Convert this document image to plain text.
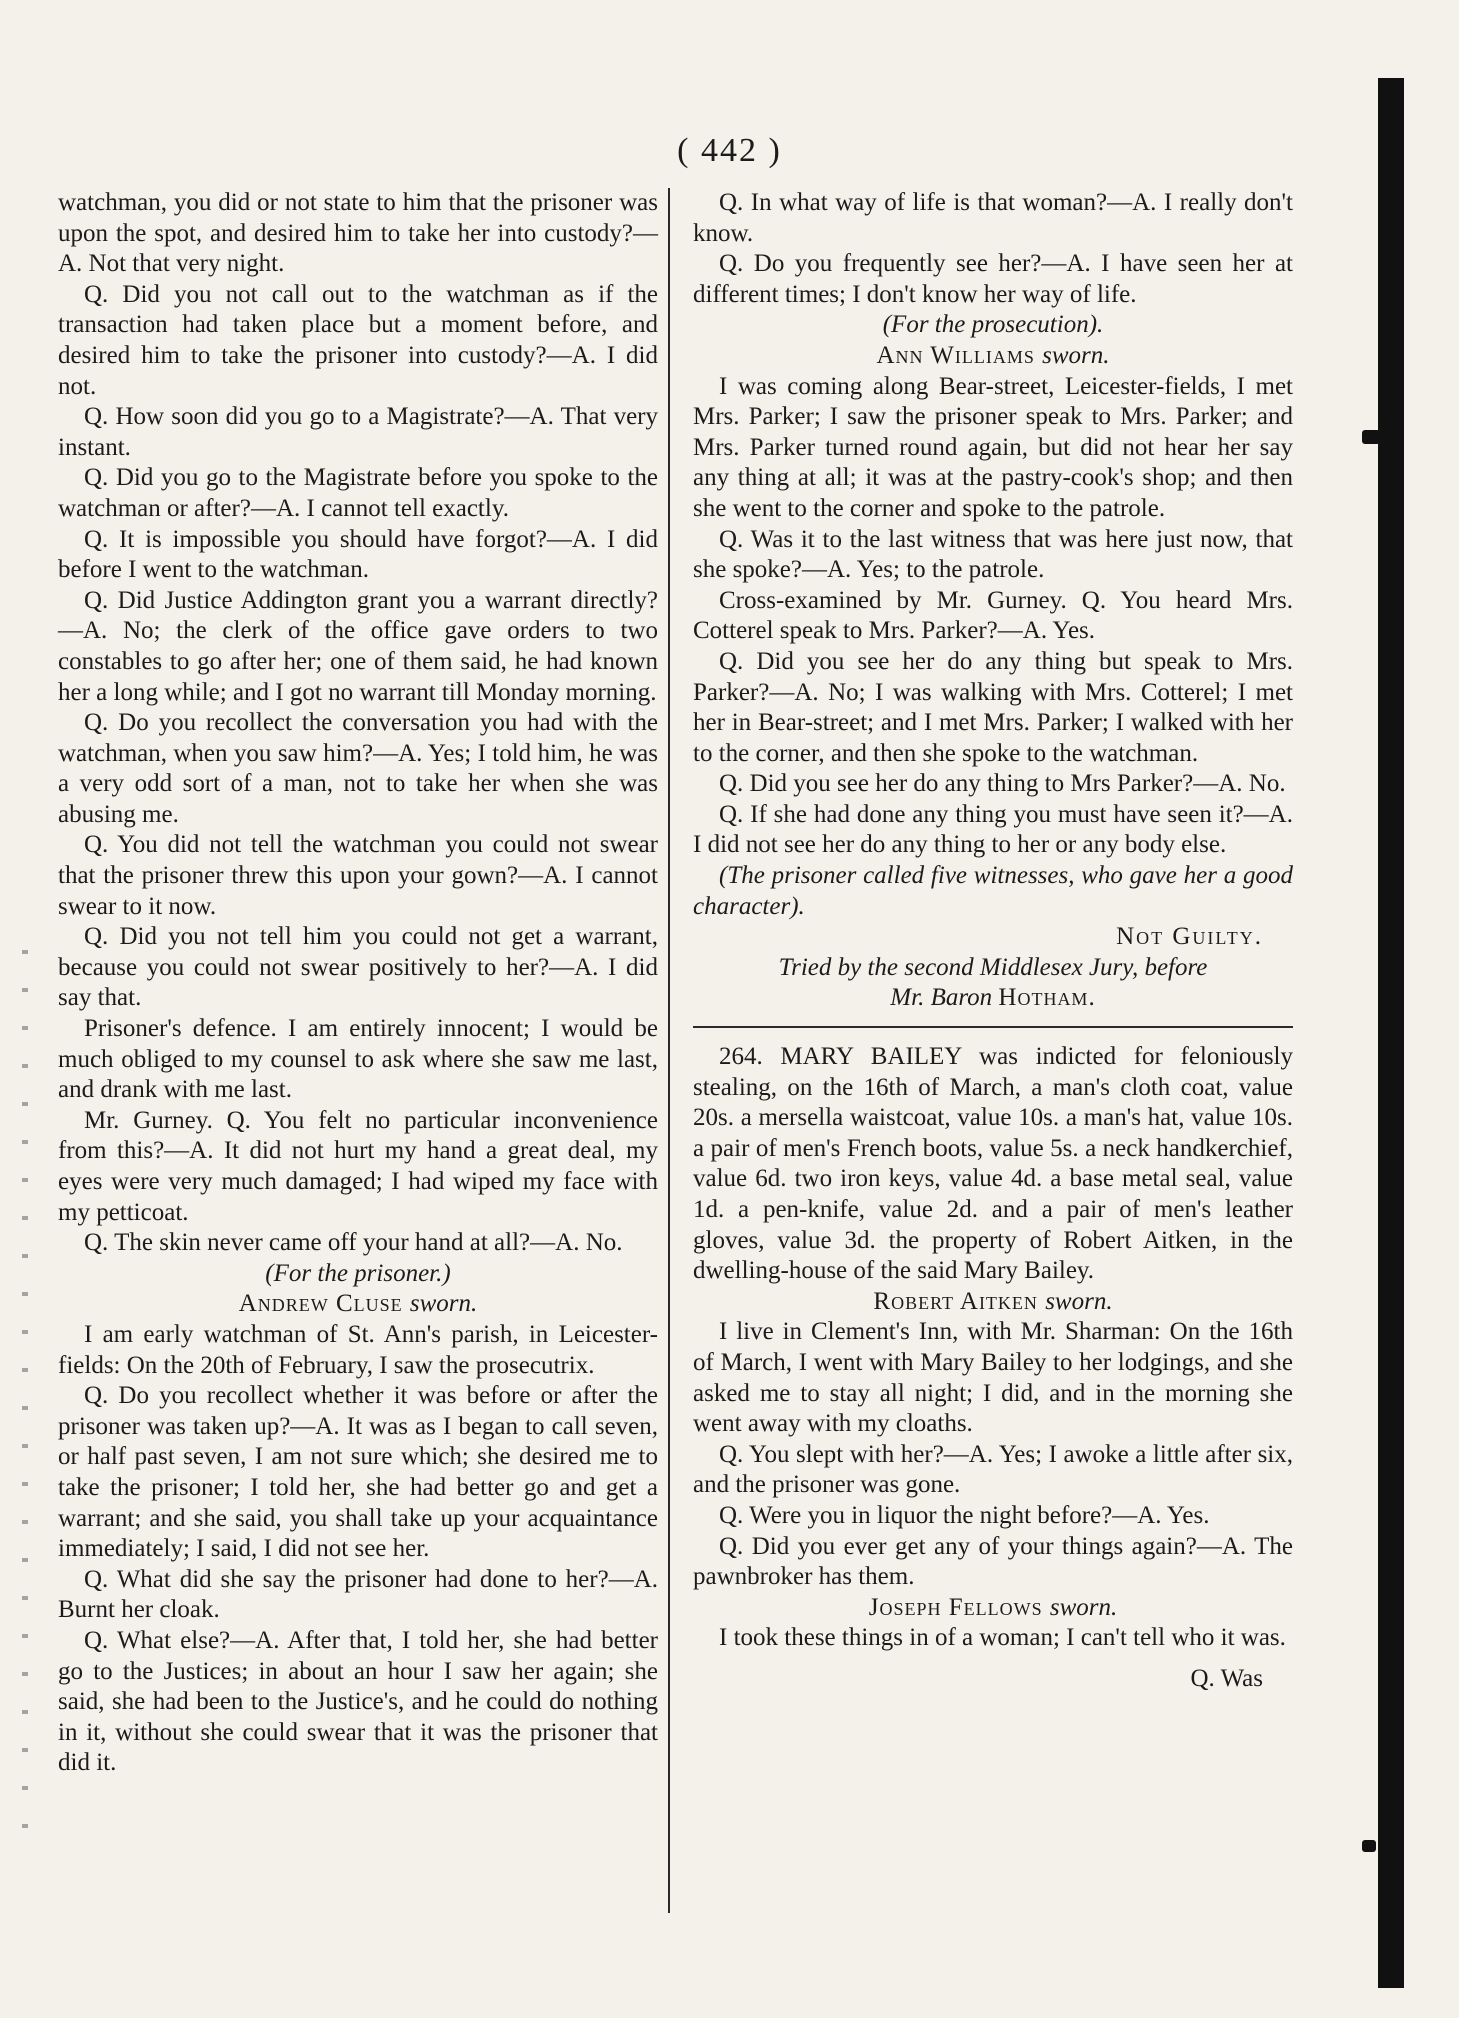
( 442 )

watchman, you did or not state to him that the prisoner was upon the spot, and desired him to take her into custody?—A. Not that very night.

Q. Did you not call out to the watchman as if the transaction had taken place but a moment before, and desired him to take the prisoner into custody?—A. I did not.

Q. How soon did you go to a Magistrate?—A. That very instant.

Q. Did you go to the Magistrate before you spoke to the watchman or after?—A. I cannot tell exactly.

Q. It is impossible you should have forgot?—A. I did before I went to the watchman.

Q. Did Justice Addington grant you a warrant directly?—A. No; the clerk of the office gave orders to two constables to go after her; one of them said, he had known her a long while; and I got no warrant till Monday morning.

Q. Do you recollect the conversation you had with the watchman, when you saw him?—A. Yes; I told him, he was a very odd sort of a man, not to take her when she was abusing me.

Q. You did not tell the watchman you could not swear that the prisoner threw this upon your gown?—A. I cannot swear to it now.

Q. Did you not tell him you could not get a warrant, because you could not swear positively to her?—A. I did say that.

Prisoner's defence. I am entirely innocent; I would be much obliged to my counsel to ask where she saw me last, and drank with me last.

Mr. Gurney. Q. You felt no particular inconvenience from this?—A. It did not hurt my hand a great deal, my eyes were very much damaged; I had wiped my face with my petticoat.

Q. The skin never came off your hand at all?—A. No.

(For the prisoner.)

Andrew Cluse sworn.

I am early watchman of St. Ann's parish, in Leicester-fields: On the 20th of February, I saw the prosecutrix.

Q. Do you recollect whether it was before or after the prisoner was taken up?—A. It was as I began to call seven, or half past seven, I am not sure which; she desired me to take the prisoner; I told her, she had better go and get a warrant; and she said, you shall take up your acquaintance immediately; I said, I did not see her.

Q. What did she say the prisoner had done to her?—A. Burnt her cloak.

Q. What else?—A. After that, I told her, she had better go to the Justices; in about an hour I saw her again; she said, she had been to the Justice's, and he could do nothing in it, without she could swear that it was the prisoner that did it.

Q. In what way of life is that woman?—A. I really don't know.

Q. Do you frequently see her?—A. I have seen her at different times; I don't know her way of life.

(For the prosecution).

Ann Williams sworn.

I was coming along Bear-street, Leicester-fields, I met Mrs. Parker; I saw the prisoner speak to Mrs. Parker; and Mrs. Parker turned round again, but did not hear her say any thing at all; it was at the pastry-cook's shop; and then she went to the corner and spoke to the patrole.

Q. Was it to the last witness that was here just now, that she spoke?—A. Yes; to the patrole.

Cross-examined by Mr. Gurney. Q. You heard Mrs. Cotterel speak to Mrs. Parker?—A. Yes.

Q. Did you see her do any thing but speak to Mrs. Parker?—A. No; I was walking with Mrs. Cotterel; I met her in Bear-street; and I met Mrs. Parker; I walked with her to the corner, and then she spoke to the watchman.

Q. Did you see her do any thing to Mrs Parker?—A. No.

Q. If she had done any thing you must have seen it?—A. I did not see her do any thing to her or any body else.

(The prisoner called five witnesses, who gave her a good character).

Not Guilty.

Tried by the second Middlesex Jury, before

Mr. Baron Hotham.

264. MARY BAILEY was indicted for feloniously stealing, on the 16th of March, a man's cloth coat, value 20s. a mersella waistcoat, value 10s. a man's hat, value 10s. a pair of men's French boots, value 5s. a neck handkerchief, value 6d. two iron keys, value 4d. a base metal seal, value 1d. a pen-knife, value 2d. and a pair of men's leather gloves, value 3d. the property of Robert Aitken, in the dwelling-house of the said Mary Bailey.

Robert Aitken sworn.

I live in Clement's Inn, with Mr. Sharman: On the 16th of March, I went with Mary Bailey to her lodgings, and she asked me to stay all night; I did, and in the morning she went away with my cloaths.

Q. You slept with her?—A. Yes; I awoke a little after six, and the prisoner was gone.

Q. Were you in liquor the night before?—A. Yes.

Q. Did you ever get any of your things again?—A. The pawnbroker has them.

Joseph Fellows sworn.

I took these things in of a woman; I can't tell who it was.

Q. Was
